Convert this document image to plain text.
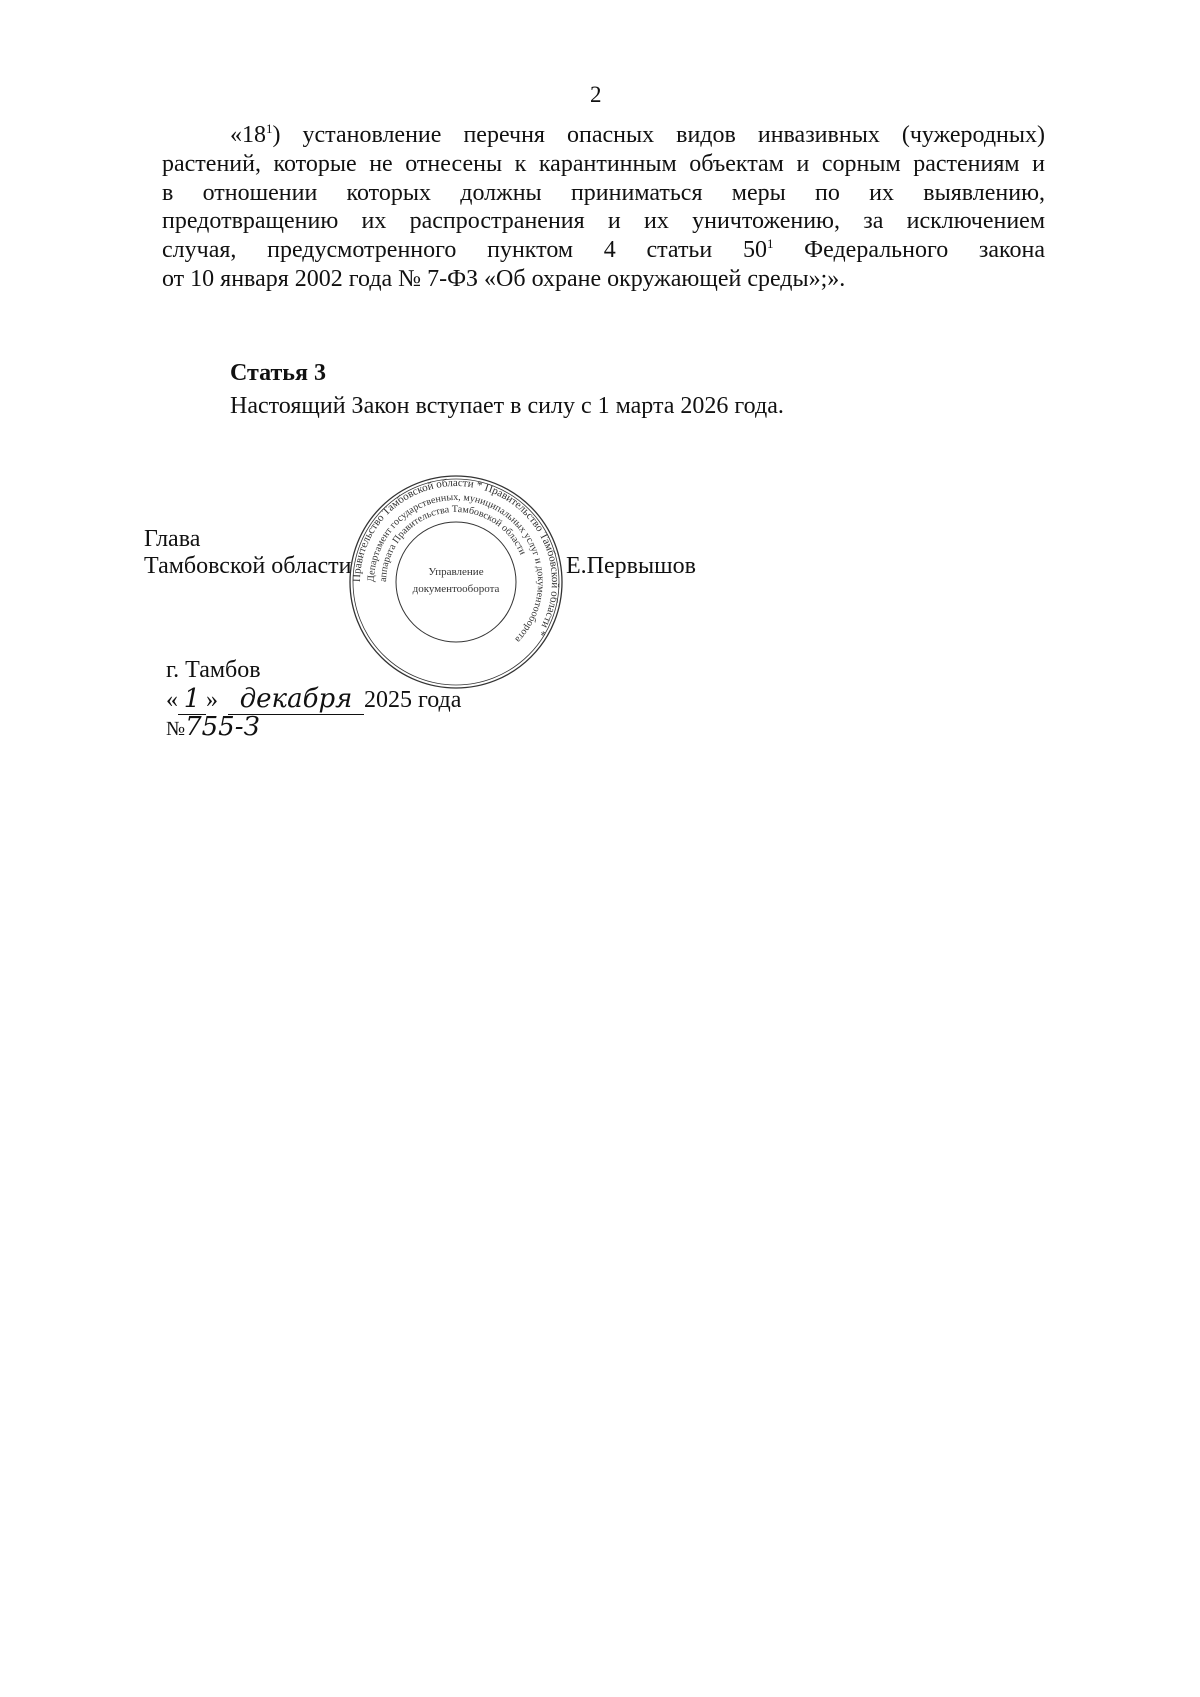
2
«$18^1$) установление перечня опасных видов инвазивных (чужеродных)
растений, которые не отнесены к карантинным объектам и сорным растениям и
в отношении которых должны приниматься меры по их выявлению,
предотвращению их распространения и их уничтожению, за исключением
случая, предусмотренного пунктом 4 статьи $50^1$ Федерального закона
от 10 января 2002 года № 7-ФЗ «Об охране окружающей среды»;».
Статья 3
Настоящий Закон вступает в силу с 1 марта 2026 года.
Глава
Тамбовской области	Е.Первышов
г. Тамбов
« 1 » декабря 2025 года
№755-З
Правительство Тамбовской области * Правительство Тамбовской области *
Департамент государственных, муниципальных услуг и документооборота
аппарата Правительства Тамбовской области
Управление
документооборота
